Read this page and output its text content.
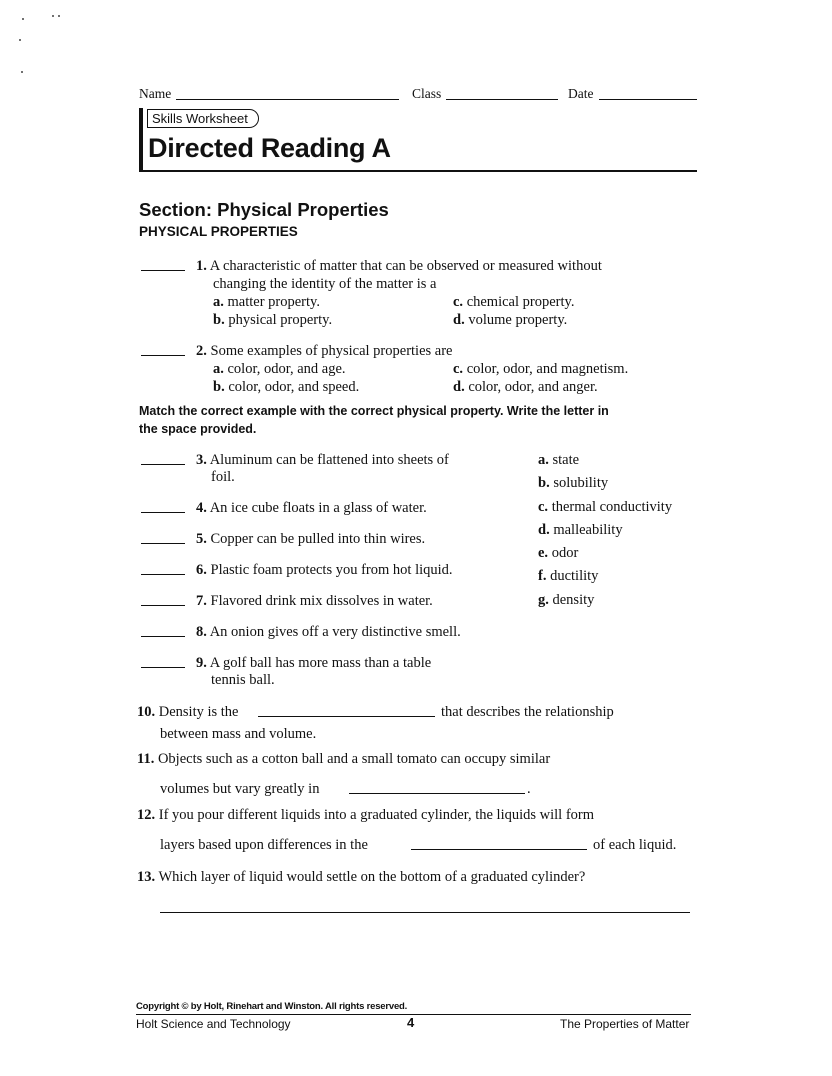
Name	Class	Date
Skills Worksheet
Directed Reading A
Section: Physical Properties
PHYSICAL PROPERTIES
1. A characteristic of matter that can be observed or measured without
changing the identity of the matter is a
a. matter property.
b. physical property.
c. chemical property.
d. volume property.
2. Some examples of physical properties are
a. color, odor, and age.
b. color, odor, and speed.
c. color, odor, and magnetism.
d. color, odor, and anger.
Match the correct example with the correct physical property. Write the letter in
the space provided.
3. Aluminum can be flattened into sheets of
foil.
4. An ice cube floats in a glass of water.
5. Copper can be pulled into thin wires.
6. Plastic foam protects you from hot liquid.
7. Flavored drink mix dissolves in water.
8. An onion gives off a very distinctive smell.
9. A golf ball has more mass than a table
tennis ball.
a. state
b. solubility
c. thermal conductivity
d. malleability
e. odor
f. ductility
g. density
10. Density is the	that describes the relationship
between mass and volume.
11. Objects such as a cotton ball and a small tomato can occupy similar
volumes but vary greatly in	.
12. If you pour different liquids into a graduated cylinder, the liquids will form
layers based upon differences in the	of each liquid.
13. Which layer of liquid would settle on the bottom of a graduated cylinder?
Copyright © by Holt, Rinehart and Winston. All rights reserved.
Holt Science and Technology	4	The Properties of Matter
